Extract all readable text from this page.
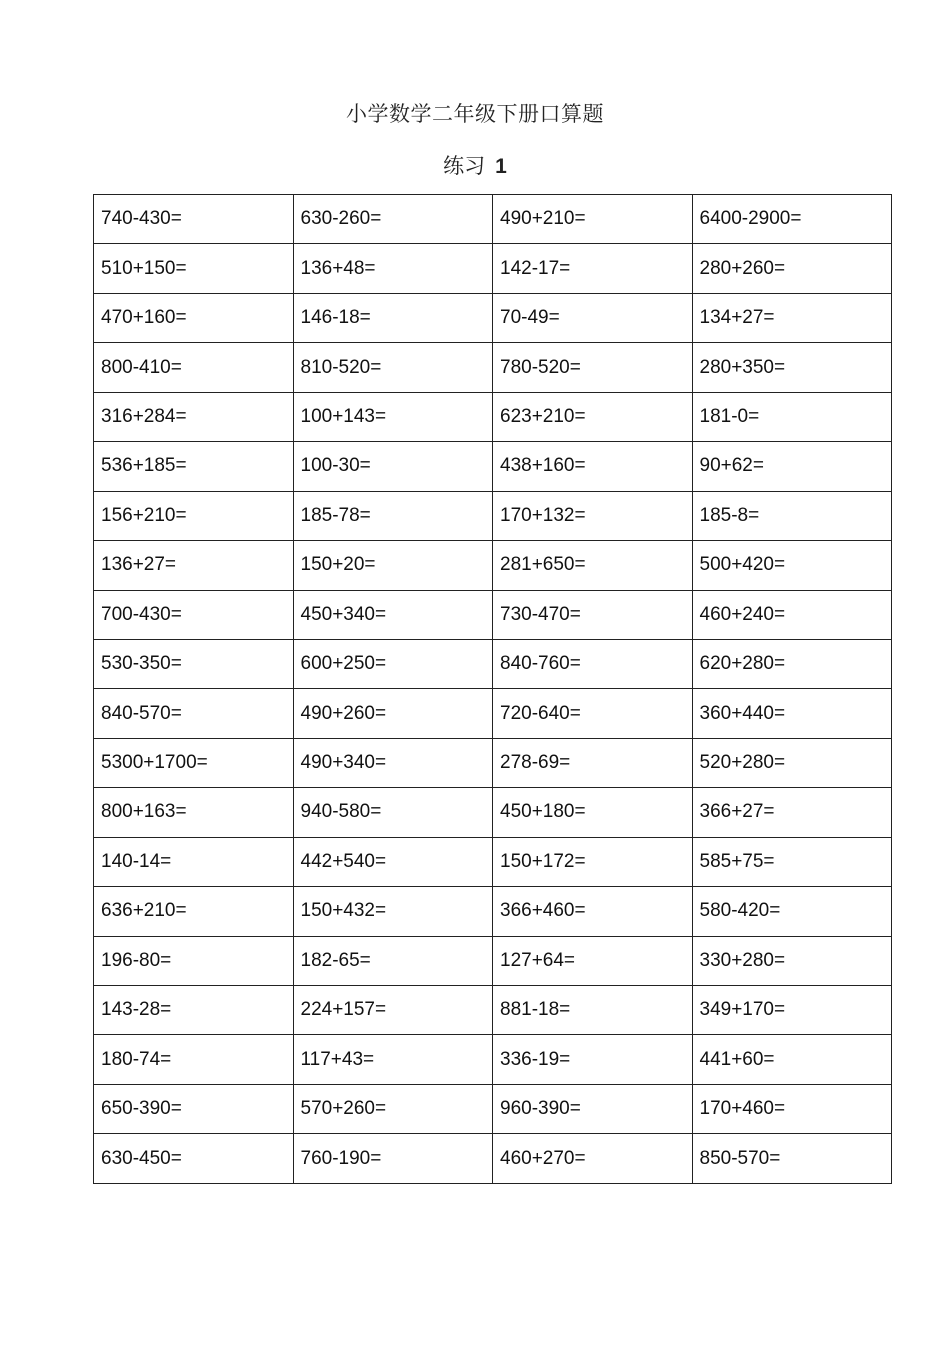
小学数学二年级下册口算题
练习 1
740-430=	630-260=	490+210=	6400-2900=
510+150=	136+48=	142-17=	280+260=
470+160=	146-18=	70-49=	134+27=
800-410=	810-520=	780-520=	280+350=
316+284=	100+143=	623+210=	181-0=
536+185=	100-30=	438+160=	90+62=
156+210=	185-78=	170+132=	185-8=
136+27=	150+20=	281+650=	500+420=
700-430=	450+340=	730-470=	460+240=
530-350=	600+250=	840-760=	620+280=
840-570=	490+260=	720-640=	360+440=
5300+1700=	490+340=	278-69=	520+280=
800+163=	940-580=	450+180=	366+27=
140-14=	442+540=	150+172=	585+75=
636+210=	150+432=	366+460=	580-420=
196-80=	182-65=	127+64=	330+280=
143-28=	224+157=	881-18=	349+170=
180-74=	117+43=	336-19=	441+60=
650-390=	570+260=	960-390=	170+460=
630-450=	760-190=	460+270=	850-570=
